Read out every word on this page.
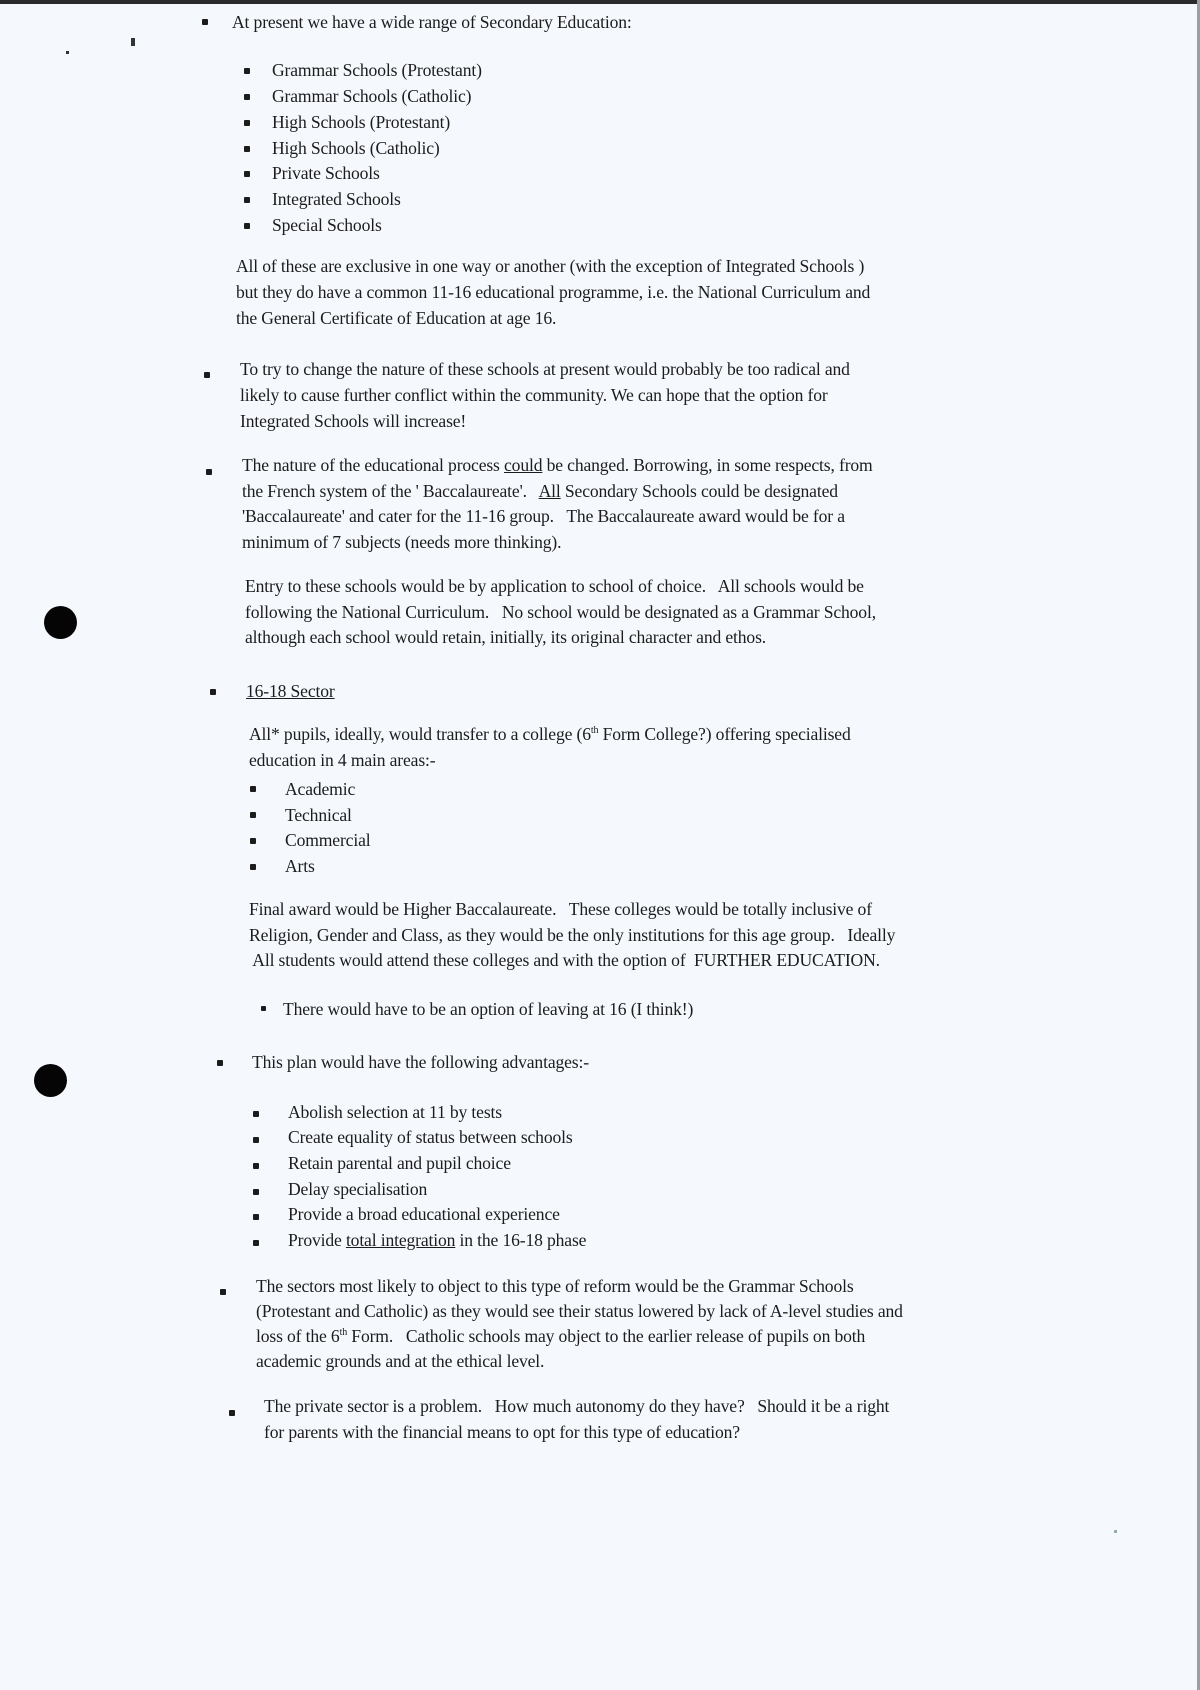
At present we have a wide range of Secondary Education:
Grammar Schools (Protestant)
Grammar Schools (Catholic)
High Schools (Protestant)
High Schools (Catholic)
Private Schools
Integrated Schools
Special Schools
All of these are exclusive in one way or another (with the exception of Integrated Schools )
but they do have a common 11-16 educational programme, i.e. the National Curriculum and
the General Certificate of Education at age 16.
To try to change the nature of these schools at present would probably be too radical and
likely to cause further conflict within the community. We can hope that the option for
Integrated Schools will increase!
The nature of the educational process could be changed. Borrowing, in some respects, from
the French system of the ' Baccalaureate'.   All Secondary Schools could be designated
'Baccalaureate' and cater for the 11-16 group.   The Baccalaureate award would be for a
minimum of 7 subjects (needs more thinking).
Entry to these schools would be by application to school of choice.   All schools would be
following the National Curriculum.   No school would be designated as a Grammar School,
although each school would retain, initially, its original character and ethos.
16-18 Sector
All* pupils, ideally, would transfer to a college (6th Form College?) offering specialised
education in 4 main areas:-
Academic
Technical
Commercial
Arts
Final award would be Higher Baccalaureate.   These colleges would be totally inclusive of
Religion, Gender and Class, as they would be the only institutions for this age group.   Ideally
All students would attend these colleges and with the option of  FURTHER EDUCATION.
There would have to be an option of leaving at 16 (I think!)
This plan would have the following advantages:-
Abolish selection at 11 by tests
Create equality of status between schools
Retain parental and pupil choice
Delay specialisation
Provide a broad educational experience
Provide total integration in the 16-18 phase
The sectors most likely to object to this type of reform would be the Grammar Schools
(Protestant and Catholic) as they would see their status lowered by lack of A-level studies and
loss of the 6th Form.   Catholic schools may object to the earlier release of pupils on both
academic grounds and at the ethical level.
The private sector is a problem.   How much autonomy do they have?   Should it be a right
for parents with the financial means to opt for this type of education?
